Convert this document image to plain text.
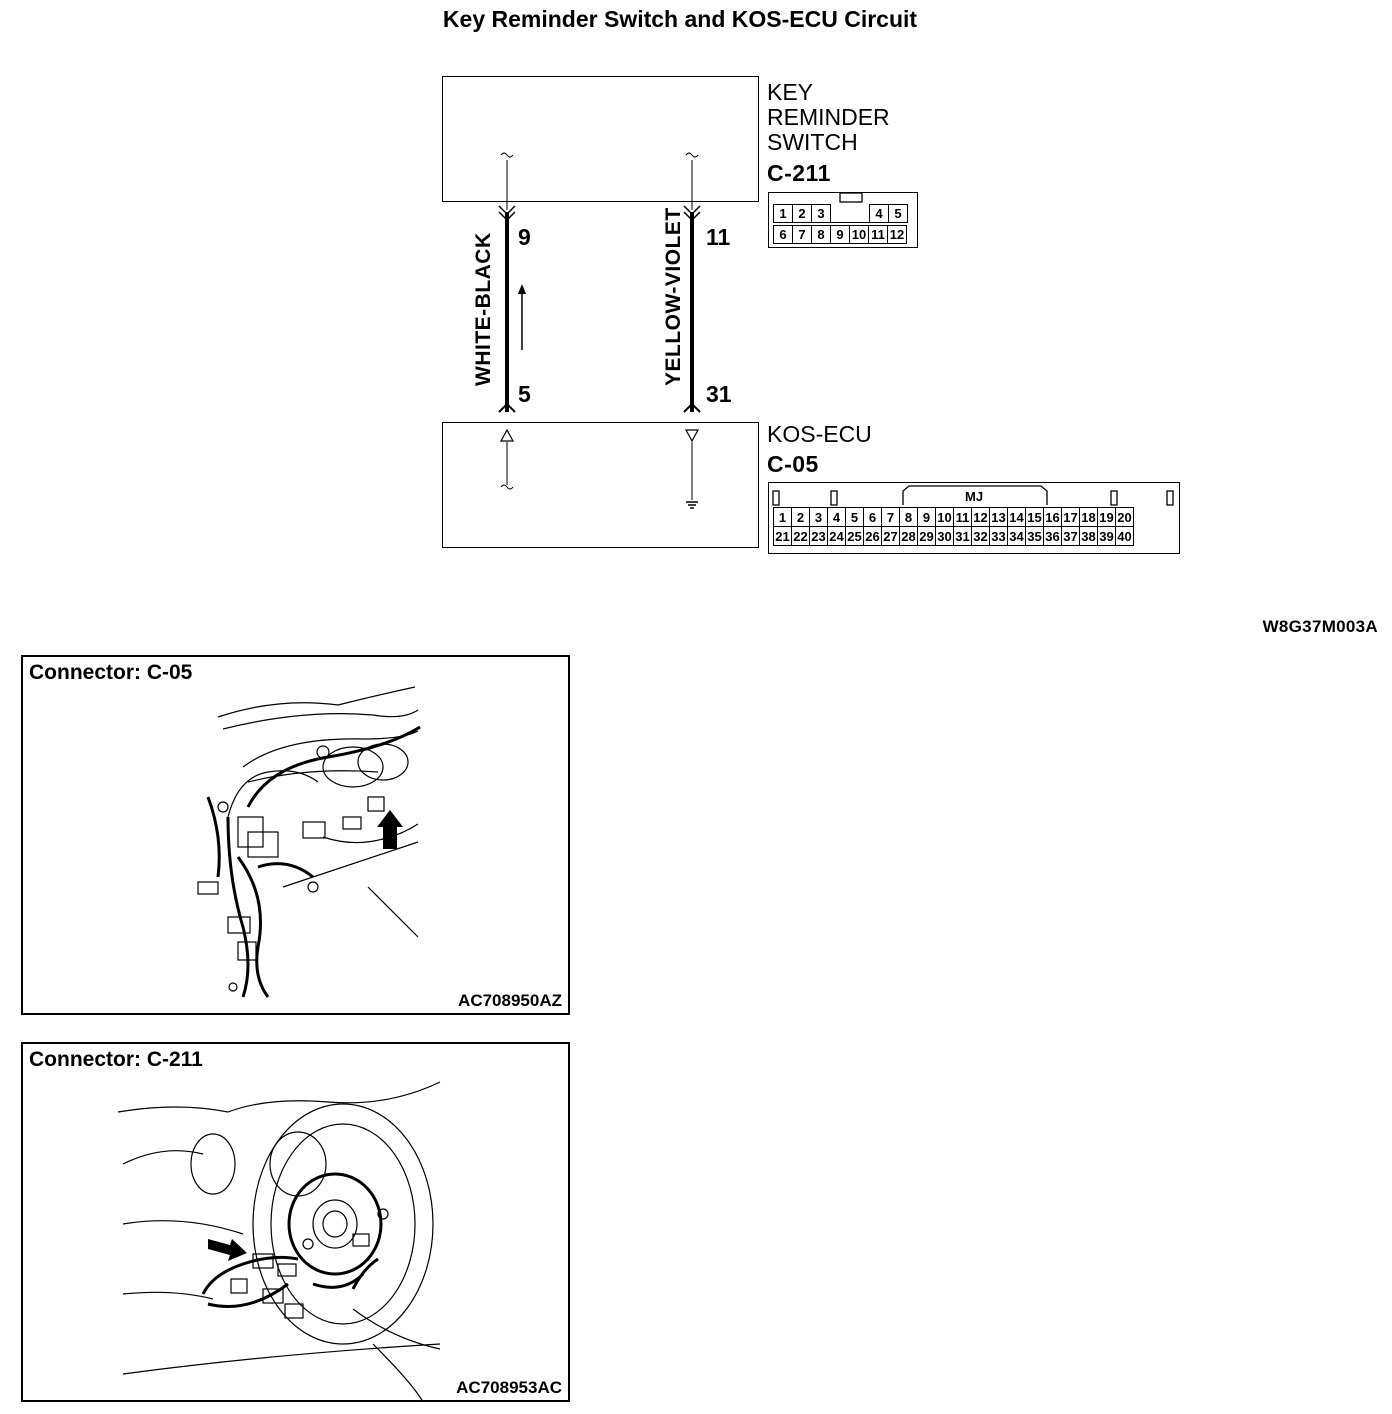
Key Reminder Switch and KOS-ECU Circuit
KEY
REMINDER
SWITCH
C-211
KOS-ECU
C-05
9
5
11
31
WHITE-BLACK	YELLOW-VIOLET	1	2	3		4	5
6	7	8	9	10	11	12
MJ
1	2	3	4	5	6	7	8	9	10	11	12	13	14	15	16	17	18	19	20
21	22	23	24	25	26	27	28	29	30	31	32	33	34	35	36	37	38	39	40
W8G37M003A
Connector: C-05
AC708950AZ
Connector: C-211
AC708953AC
